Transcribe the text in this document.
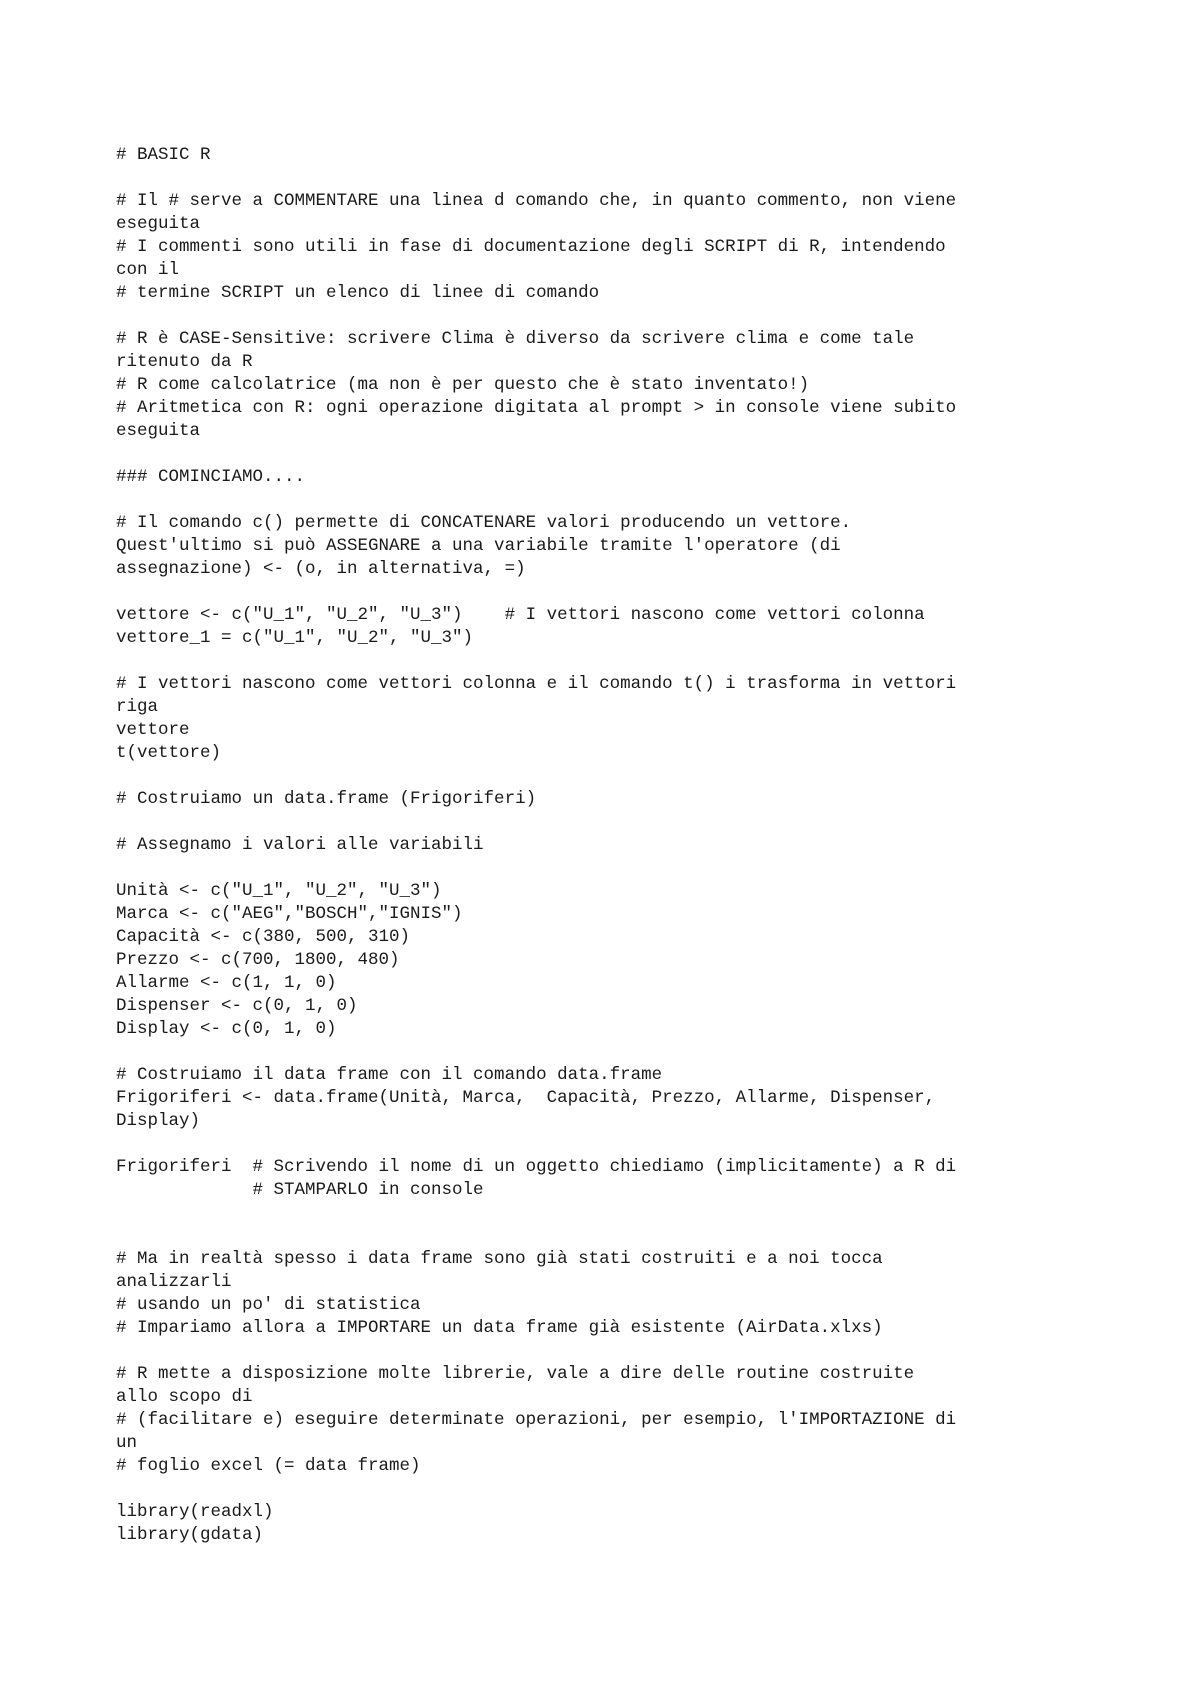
# BASIC R
# Il # serve a COMMENTARE una linea d comando che, in quanto commento, non viene
eseguita
# I commenti sono utili in fase di documentazione degli SCRIPT di R, intendendo
con il
# termine SCRIPT un elenco di linee di comando
# R è CASE-Sensitive: scrivere Clima è diverso da scrivere clima e come tale
ritenuto da R
# R come calcolatrice (ma non è per questo che è stato inventato!)
# Aritmetica con R: ogni operazione digitata al prompt > in console viene subito
eseguita
### COMINCIAMO....
# Il comando c() permette di CONCATENARE valori producendo un vettore.
Quest'ultimo si può ASSEGNARE a una variabile tramite l'operatore (di
assegnazione) <- (o, in alternativa, =)
vettore <- c("U_1", "U_2", "U_3")    # I vettori nascono come vettori colonna
vettore_1 = c("U_1", "U_2", "U_3")
# I vettori nascono come vettori colonna e il comando t() i trasforma in vettori
riga
vettore
t(vettore)
# Costruiamo un data.frame (Frigoriferi)
# Assegnamo i valori alle variabili
Unità <- c("U_1", "U_2", "U_3")
Marca <- c("AEG","BOSCH","IGNIS")
Capacità <- c(380, 500, 310)
Prezzo <- c(700, 1800, 480)
Allarme <- c(1, 1, 0)
Dispenser <- c(0, 1, 0)
Display <- c(0, 1, 0)
# Costruiamo il data frame con il comando data.frame
Frigoriferi <- data.frame(Unità, Marca,  Capacità, Prezzo, Allarme, Dispenser,
Display)
Frigoriferi  # Scrivendo il nome di un oggetto chiediamo (implicitamente) a R di
# STAMPARLO in console
# Ma in realtà spesso i data frame sono già stati costruiti e a noi tocca
analizzarli
# usando un po' di statistica
# Impariamo allora a IMPORTARE un data frame già esistente (AirData.xlxs)
# R mette a disposizione molte librerie, vale a dire delle routine costruite
allo scopo di
# (facilitare e) eseguire determinate operazioni, per esempio, l'IMPORTAZIONE di
un
# foglio excel (= data frame)
library(readxl)
library(gdata)
